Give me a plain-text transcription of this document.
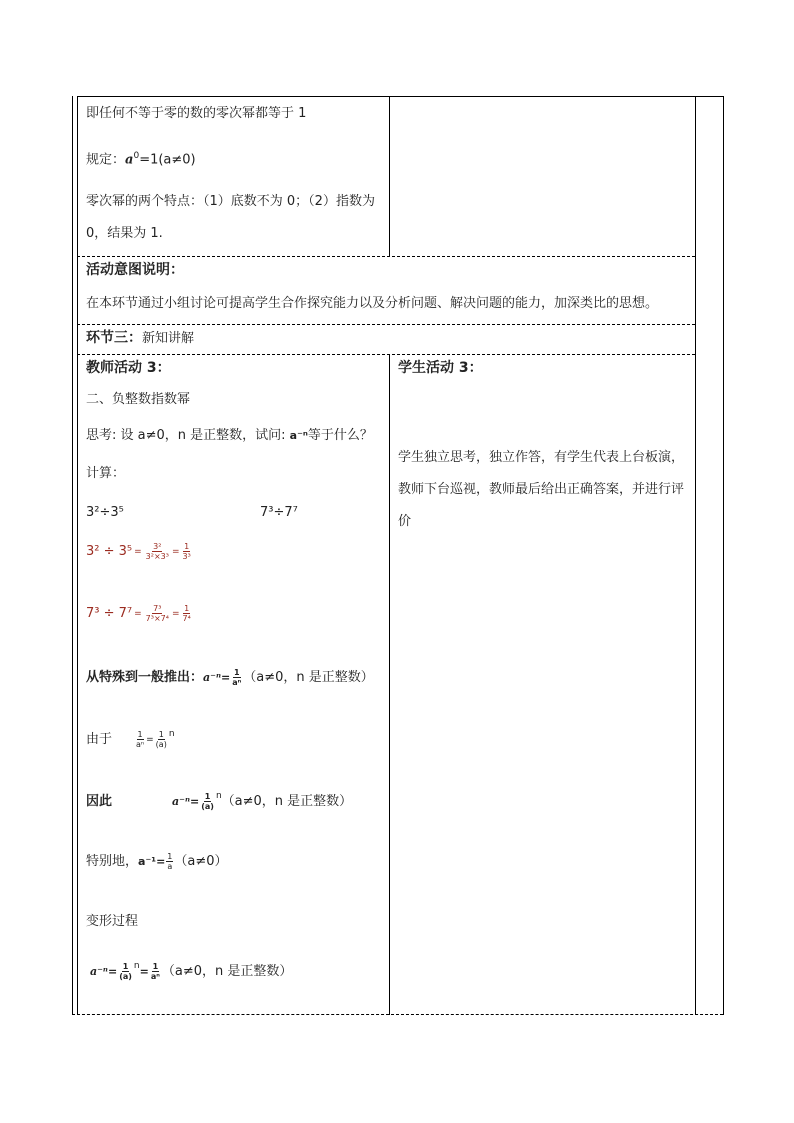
即任何不等于零的数的零次幂都等于 1
规定：$a^0=1(a\ne 0)$
零次幂的两个特点：（1）底数不为 0；（2）指数为 0，结果为 1.
活动意图说明：
在本环节通过小组讨论可提高学生合作探究能力以及分析问题、解决问题的能力，加深类比的思想。
环节三：新知讲解
教师活动 3：
二、负整数指数幂
思考: 设 a≠0，n 是正整数，试问: a⁻ⁿ等于什么？
计算：
3²÷3⁵	7³÷7⁷
$3^2 \div 3^5 = \frac{\text{3²}}{\text{3²×3³}} = \frac{1}{\text{3³}}$
$7^3 \div 7^7 = \frac{\text{7³}}{\text{7³×7⁴}} = \frac{1}{\text{7⁴}}$
从特殊到一般推出： $a^{-n}= \frac{1}{\text{aⁿ}} (a\ne 0$，n 是正整数）
由于	$\frac{1}{\text{aⁿ}} = 1$
( a )$^n$
因此	a⁻ⁿ= 1
( a )$^n$ （a≠0，n 是正整数）
特别地， $a^{-1}= \frac{1}{a} (a\ne 0)$
变形过程
a⁻ⁿ= 1
( a )$^n = \frac{1}{\text{aⁿ}} (a\ne 0$，n 是正整数）
学生活动 3：
学生独立思考，独立作答，有学生代表上台板演，教师下台巡视，教师最后给出正确答案，并进行评价
